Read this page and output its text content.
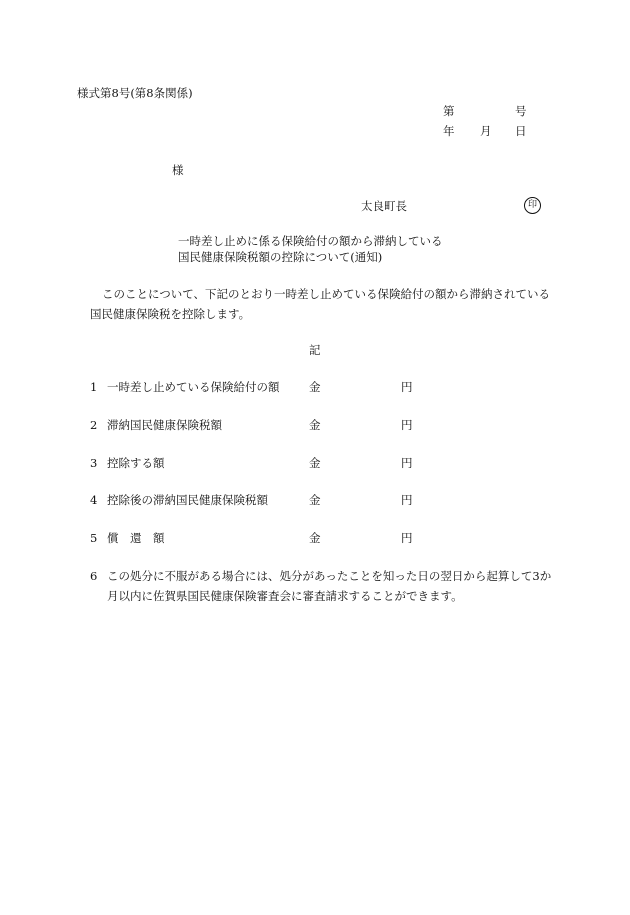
様式第8号(第8条関係)
第	号
年 月 日
様
太良町長	印
一時差し止めに係る保険給付の額から滞納している
国民健康保険税額の控除について(通知)
このことについて、下記のとおり一時差し止めている保険給付の額から滞納されている国民健康保険税を控除します。
記
1 一時差し止めている保険給付の額	金	円
2 滞納国民健康保険税額	金	円
3 控除する額	金	円
4 控除後の滞納国民健康保険税額	金	円
5 償　還　額	金	円
6 この処分に不服がある場合には、処分があったことを知った日の翌日から起算して3か月以内に佐賀県国民健康保険審査会に審査請求することができます。
